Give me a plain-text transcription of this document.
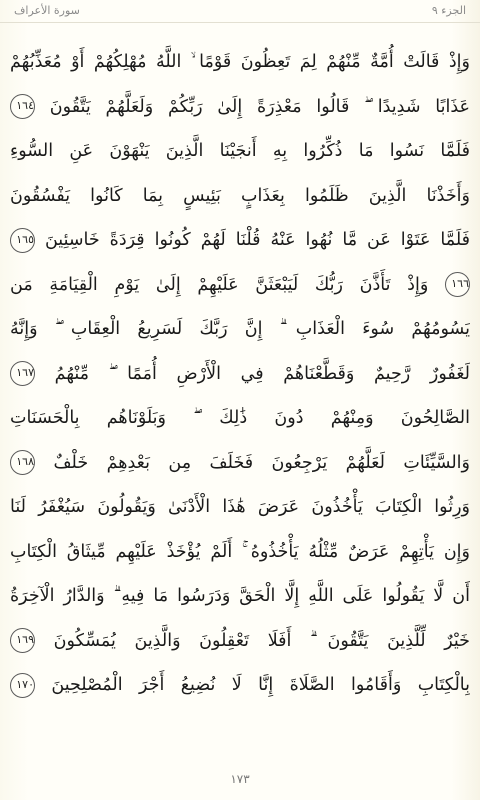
سورة الأعراف	الجزء ٩
وَإِذْ قَالَتْ أُمَّةٌ مِّنْهُمْ لِمَ تَعِظُونَ قَوْمًا ۙ اللَّهُ مُهْلِكُهُمْ أَوْ مُعَذِّبُهُمْ
عَذَابًا شَدِيدًا ۖ قَالُوا مَعْذِرَةً إِلَىٰ رَبِّكُمْ وَلَعَلَّهُمْ يَتَّقُونَ ١٦٤
فَلَمَّا نَسُوا مَا ذُكِّرُوا بِهِ أَنجَيْنَا الَّذِينَ يَنْهَوْنَ عَنِ السُّوءِ
وَأَخَذْنَا الَّذِينَ ظَلَمُوا بِعَذَابٍ بَئِيسٍ بِمَا كَانُوا يَفْسُقُونَ
فَلَمَّا عَتَوْا عَن مَّا نُهُوا عَنْهُ قُلْنَا لَهُمْ كُونُوا قِرَدَةً خَاسِئِينَ ١٦٥
١٦٦ وَإِذْ تَأَذَّنَ رَبُّكَ لَيَبْعَثَنَّ عَلَيْهِمْ إِلَىٰ يَوْمِ الْقِيَامَةِ مَن
يَسُومُهُمْ سُوءَ الْعَذَابِ ۗ إِنَّ رَبَّكَ لَسَرِيعُ الْعِقَابِ ۖ وَإِنَّهُ
لَغَفُورٌ رَّحِيمٌ وَقَطَّعْنَاهُمْ فِي الْأَرْضِ أُمَمًا ۖ مِّنْهُمُ ١٦٧
الصَّالِحُونَ وَمِنْهُمْ دُونَ ذَٰلِكَ ۖ وَبَلَوْنَاهُم بِالْحَسَنَاتِ
وَالسَّيِّئَاتِ لَعَلَّهُمْ يَرْجِعُونَ فَخَلَفَ مِن بَعْدِهِمْ خَلْفٌ ١٦٨
وَرِثُوا الْكِتَابَ يَأْخُذُونَ عَرَضَ هَٰذَا الْأَدْنَىٰ وَيَقُولُونَ سَيُغْفَرُ لَنَا
وَإِن يَأْتِهِمْ عَرَضٌ مِّثْلُهُ يَأْخُذُوهُ ۚ أَلَمْ يُؤْخَذْ عَلَيْهِم مِّيثَاقُ الْكِتَابِ
أَن لَّا يَقُولُوا عَلَى اللَّهِ إِلَّا الْحَقَّ وَدَرَسُوا مَا فِيهِ ۗ وَالدَّارُ الْآخِرَةُ
خَيْرٌ لِّلَّذِينَ يَتَّقُونَ ۗ أَفَلَا تَعْقِلُونَ وَالَّذِينَ يُمَسِّكُونَ ١٦٩
بِالْكِتَابِ وَأَقَامُوا الصَّلَاةَ إِنَّا لَا نُضِيعُ أَجْرَ الْمُصْلِحِينَ ١٧٠
١٧٣
